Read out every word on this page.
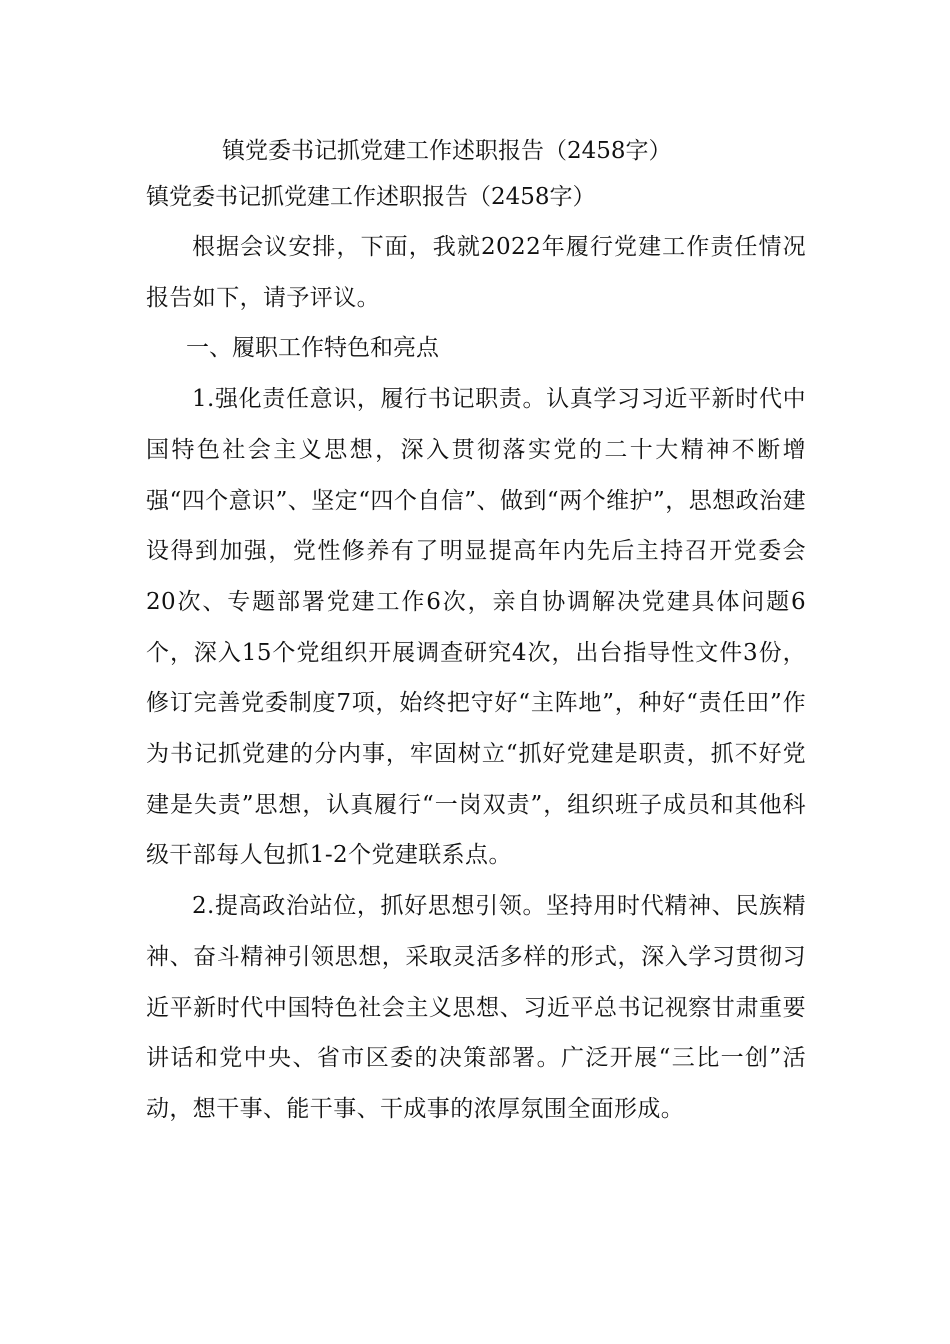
镇党委书记抓党建工作述职报告（2458字）
镇党委书记抓党建工作述职报告（2458字）

根据会议安排，下面，我就2022年履行党建工作责任情况报告如下，请予评议。

一、履职工作特色和亮点

1.强化责任意识，履行书记职责。认真学习习近平新时代中国特色社会主义思想，深入贯彻落实党的二十大精神不断增强“四个意识”、坚定“四个自信”、做到“两个维护”，思想政治建设得到加强，党性修养有了明显提高年内先后主持召开党委会20次、专题部署党建工作6次，亲自协调解决党建具体问题6个，深入15个党组织开展调查研究4次，出台指导性文件3份，修订完善党委制度7项，始终把守好“主阵地”，种好“责任田”作为书记抓党建的分内事，牢固树立“抓好党建是职责，抓不好党建是失责”思想，认真履行“一岗双责”，组织班子成员和其他科级干部每人包抓1-2个党建联系点。

2.提高政治站位，抓好思想引领。坚持用时代精神、民族精神、奋斗精神引领思想，采取灵活多样的形式，深入学习贯彻习近平新时代中国特色社会主义思想、习近平总书记视察甘肃重要讲话和党中央、省市区委的决策部署。广泛开展“三比一创”活动，想干事、能干事、干成事的浓厚氛围全面形成。
